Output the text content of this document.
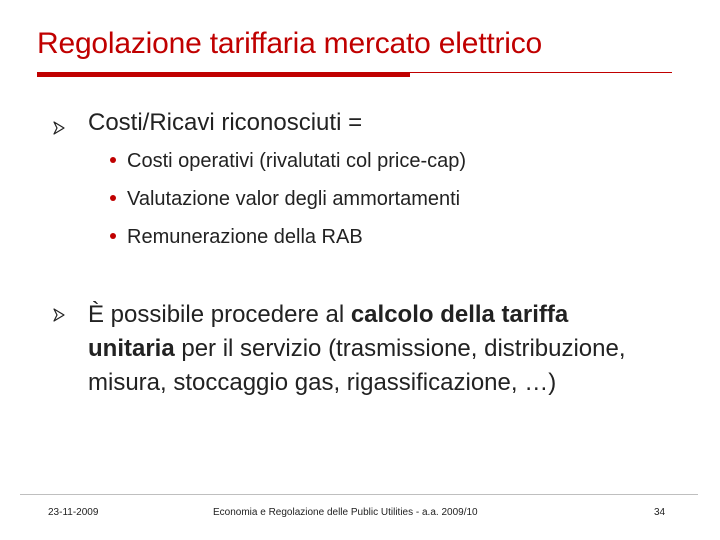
Regolazione tariffaria mercato elettrico
Costi/Ricavi riconosciuti =
Costi operativi (rivalutati col price-cap)
Valutazione valor degli ammortamenti
Remunerazione della RAB
È possibile procedere al calcolo della tariffa unitaria per il servizio (trasmissione, distribuzione, misura, stoccaggio gas, rigassificazione, …)
23-11-2009	Economia e Regolazione delle Public Utilities - a.a. 2009/10	34
